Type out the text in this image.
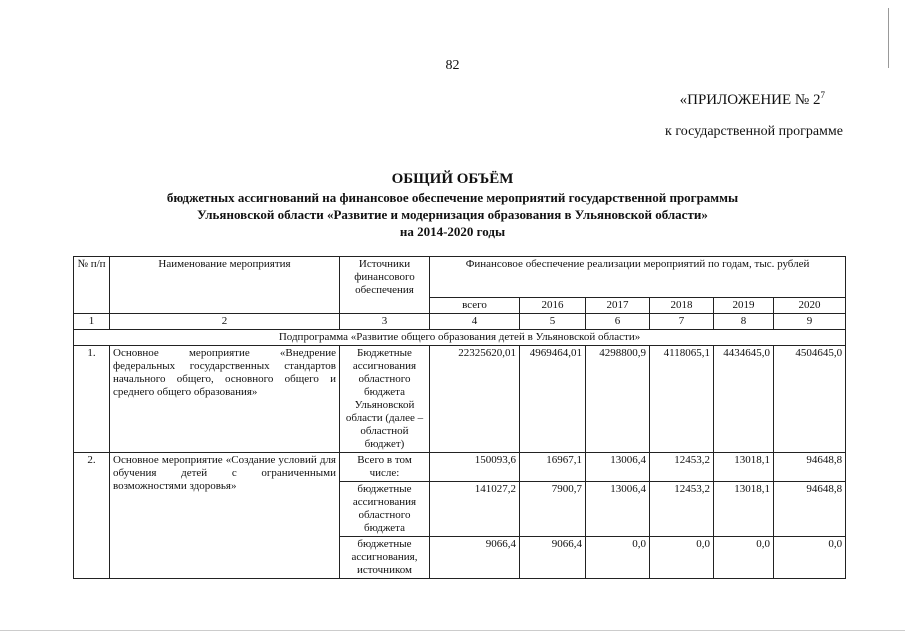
82
«ПРИЛОЖЕНИЕ № $2^7$
к государственной программе
ОБЩИЙ ОБЪЁМ
бюджетных ассигнований на финансовое обеспечение мероприятий государственной программы
Ульяновской области «Развитие и модернизация образования в Ульяновской области»
на 2014-2020 годы
№ п/п	Наименование мероприятия	Источники финансового обеспечения	Финансовое обеспечение реализации мероприятий по годам, тыс. рублей					
			всего	2016	2017	2018	2019	2020
1	2	3	4	5	6	7	8	9
Подпрограмма «Развитие общего образования детей в Ульяновской области»								
1.	Основное мероприятие «Внедрение федеральных государственных стандартов начального общего, основного общего и среднего общего образования»	Бюджетные ассигнования областного бюджета Ульяновской области (далее – областной бюджет)	22325620,01	4969464,01	4298800,9	4118065,1	4434645,0	4504645,0
2.	Основное мероприятие «Создание условий для обучения детей с ограниченными возможностями здоровья»	Всего в том числе:	150093,6	16967,1	13006,4	12453,2	13018,1	94648,8
		бюджетные ассигнования областного бюджета	141027,2	7900,7	13006,4	12453,2	13018,1	94648,8
		бюджетные ассигнования, источником	9066,4	9066,4	0,0	0,0	0,0	0,0
